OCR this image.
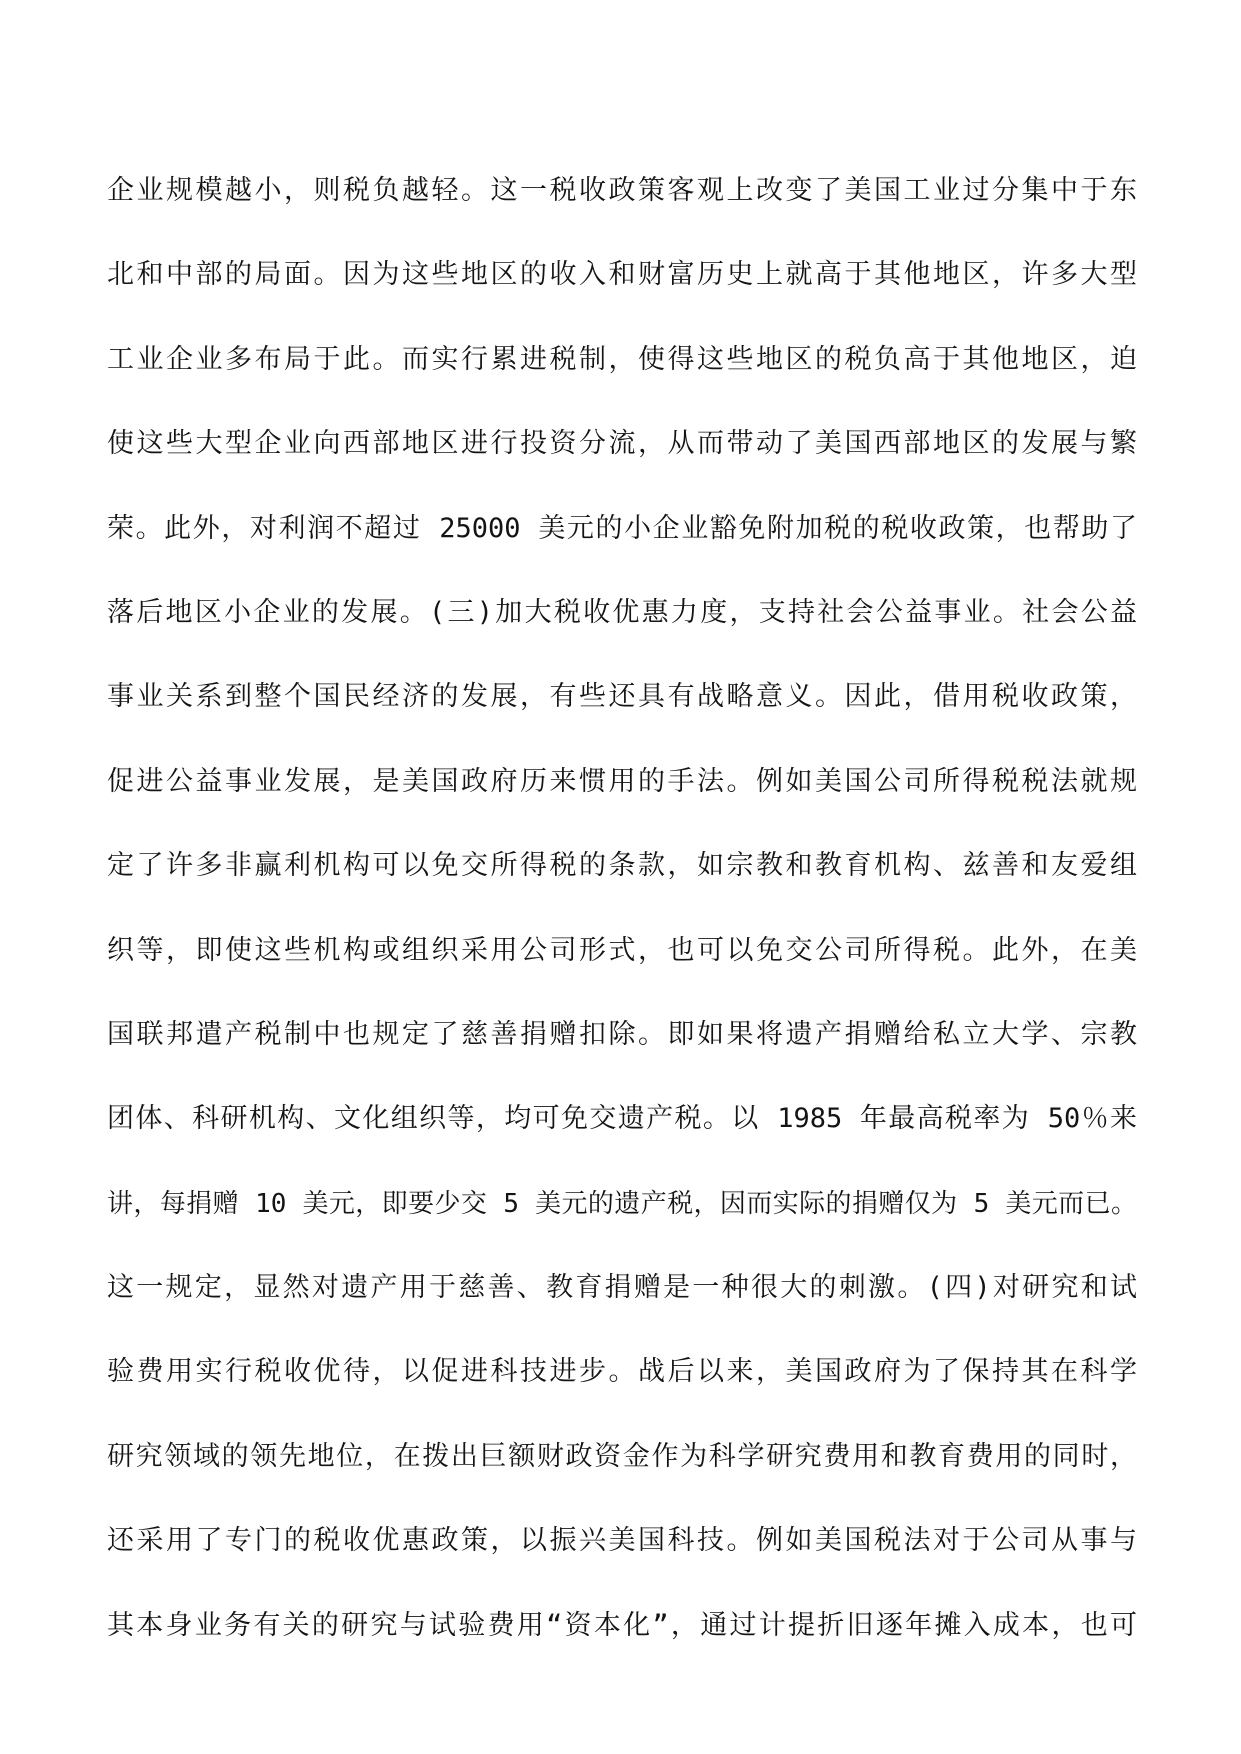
企业规模越小，则税负越轻。这一税收政策客观上改变了美国工业过分集中于东
北和中部的局面。因为这些地区的收入和财富历史上就高于其他地区，许多大型
工业企业多布局于此。而实行累进税制，使得这些地区的税负高于其他地区，迫
使这些大型企业向西部地区进行投资分流，从而带动了美国西部地区的发展与繁
荣。此外，对利润不超过 25000 美元的小企业豁免附加税的税收政策，也帮助了
落后地区小企业的发展。(三)加大税收优惠力度，支持社会公益事业。社会公益
事业关系到整个国民经济的发展，有些还具有战略意义。因此，借用税收政策，
促进公益事业发展，是美国政府历来惯用的手法。例如美国公司所得税税法就规
定了许多非赢利机构可以免交所得税的条款，如宗教和教育机构、兹善和友爱组
织等，即使这些机构或组织采用公司形式，也可以免交公司所得税。此外，在美
国联邦遣产税制中也规定了慈善捐赠扣除。即如果将遗产捐赠给私立大学、宗教
团体、科研机构、文化组织等，均可免交遗产税。以 1985 年最高税率为 50％来
讲，每捐赠 10 美元，即要少交 5 美元的遗产税，因而实际的捐赠仅为 5 美元而已。
这一规定，显然对遗产用于慈善、教育捐赠是一种很大的刺激。(四)对研究和试
验费用实行税收优待，以促进科技进步。战后以来，美国政府为了保持其在科学
研究领域的领先地位，在拨出巨额财政资金作为科学研究费用和教育费用的同时，
还采用了专门的税收优惠政策，以振兴美国科技。例如美国税法对于公司从事与
其本身业务有关的研究与试验费用“资本化”，通过计提折旧逐年摊入成本，也可
